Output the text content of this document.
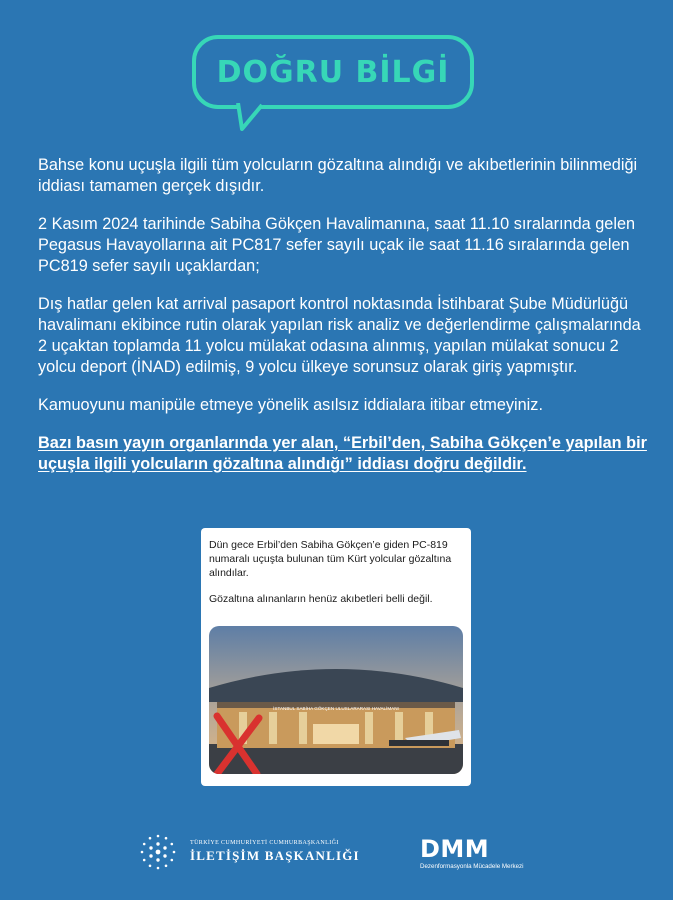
DOĞRU BİLGİ

Bahse konu uçuşla ilgili tüm yolcuların gözaltına alındığı ve akıbetlerinin bilinmediği iddiası tamamen gerçek dışıdır.

2 Kasım 2024 tarihinde Sabiha Gökçen Havalimanına, saat 11.10 sıralarında gelen Pegasus Havayollarına ait PC817 sefer sayılı uçak ile saat 11.16 sıralarında gelen PC819 sefer sayılı uçaklardan;

Dış hatlar gelen kat arrival pasaport kontrol noktasında İstihbarat Şube Müdürlüğü havalimanı ekibince rutin olarak yapılan risk analiz ve değerlendirme çalışmalarında 2 uçaktan toplamda 11 yolcu mülakat odasına alınmış, yapılan mülakat sonucu 2 yolcu deport (İNAD) edilmiş, 9 yolcu ülkeye sorunsuz olarak giriş yapmıştır.

Kamuoyunu manipüle etmeye yönelik asılsız iddialara itibar etmeyiniz.

Bazı basın yayın organlarında yer alan, “Erbil’den, Sabiha Gökçen’e yapılan bir uçuşla ilgili yolcuların gözaltına alındığı” iddiası doğru değildir.

Dün gece Erbil’den Sabiha Gökçen’e giden PC-819 numaralı uçuşta bulunan tüm Kürt yolcular gözaltına alındılar.

Gözaltına alınanların henüz akıbetleri belli değil.

İSTANBUL SABİHA GÖKÇEN ULUSLARARASI HAVALİMANI
TÜRKİYE CUMHURİYETİ CUMHURBAŞKANLIĞI
İLETİŞİM BAŞKANLIĞI	DMM
Dezenformasyonla Mücadele Merkezi
